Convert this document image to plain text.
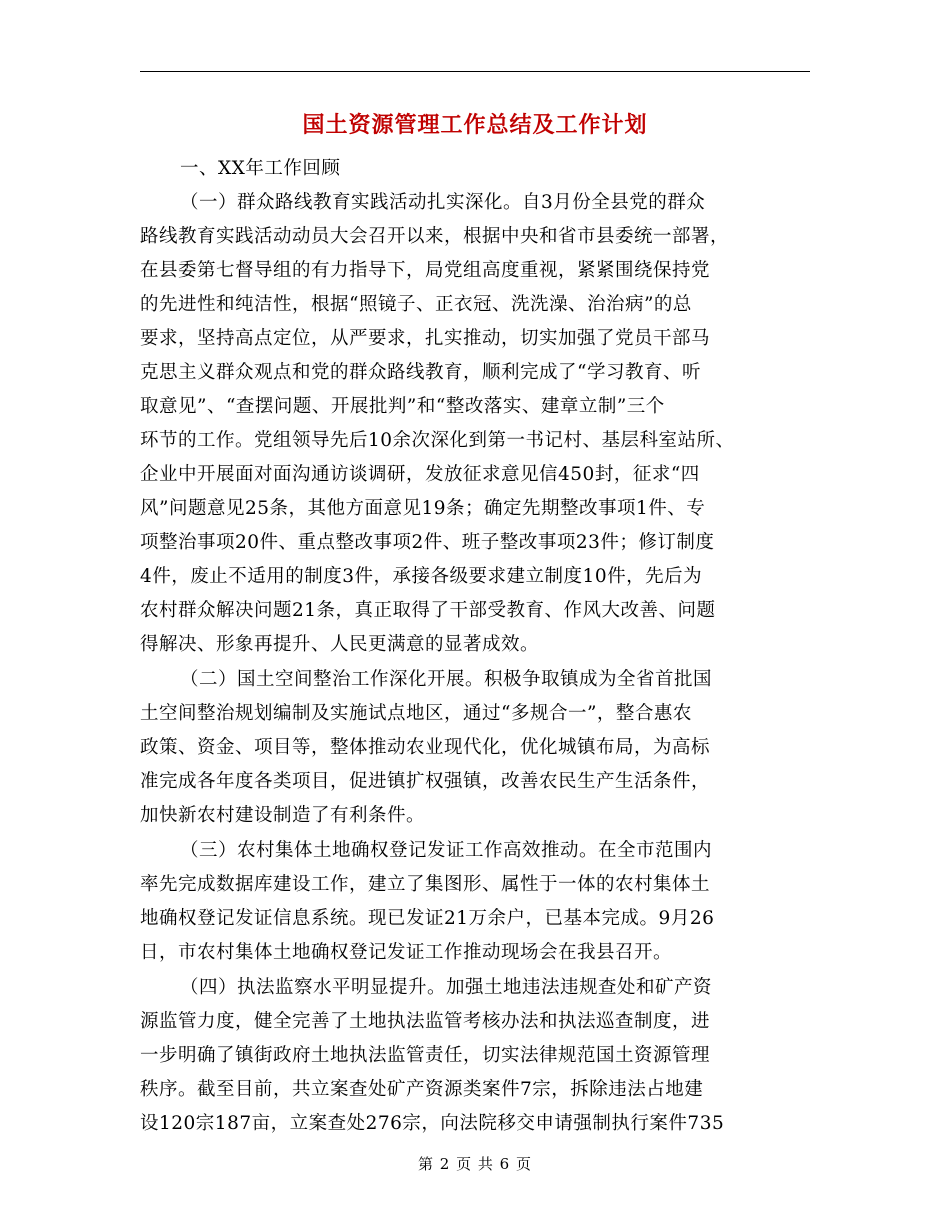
国土资源管理工作总结及工作计划
一、XX年工作回顾
（一）群众路线教育实践活动扎实深化。自3月份全县党的群众
路线教育实践活动动员大会召开以来，根据中央和省市县委统一部署，
在县委第七督导组的有力指导下，局党组高度重视，紧紧围绕保持党
的先进性和纯洁性，根据“照镜子、正衣冠、洗洗澡、治治病”的总
要求，坚持高点定位，从严要求，扎实推动，切实加强了党员干部马
克思主义群众观点和党的群众路线教育，顺利完成了“学习教育、听
取意见”、“查摆问题、开展批判”和“整改落实、建章立制”三个
环节的工作。党组领导先后10余次深化到第一书记村、基层科室站所、
企业中开展面对面沟通访谈调研，发放征求意见信450封，征求“四
风”问题意见25条，其他方面意见19条；确定先期整改事项1件、专
项整治事项20件、重点整改事项2件、班子整改事项23件；修订制度
4件，废止不适用的制度3件，承接各级要求建立制度10件，先后为
农村群众解决问题21条，真正取得了干部受教育、作风大改善、问题
得解决、形象再提升、人民更满意的显著成效。
（二）国土空间整治工作深化开展。积极争取镇成为全省首批国
土空间整治规划编制及实施试点地区，通过“多规合一”，整合惠农
政策、资金、项目等，整体推动农业现代化，优化城镇布局，为高标
准完成各年度各类项目，促进镇扩权强镇，改善农民生产生活条件，
加快新农村建设制造了有利条件。
（三）农村集体土地确权登记发证工作高效推动。在全市范围内
率先完成数据库建设工作，建立了集图形、属性于一体的农村集体土
地确权登记发证信息系统。现已发证21万余户，已基本完成。9月26
日，市农村集体土地确权登记发证工作推动现场会在我县召开。
（四）执法监察水平明显提升。加强土地违法违规查处和矿产资
源监管力度，健全完善了土地执法监管考核办法和执法巡查制度，进
一步明确了镇街政府土地执法监管责任，切实法律规范国土资源管理
秩序。截至目前，共立案查处矿产资源类案件7宗，拆除违法占地建
设120宗187亩，立案查处276宗，向法院移交申请强制执行案件735
第 2 页 共 6 页
